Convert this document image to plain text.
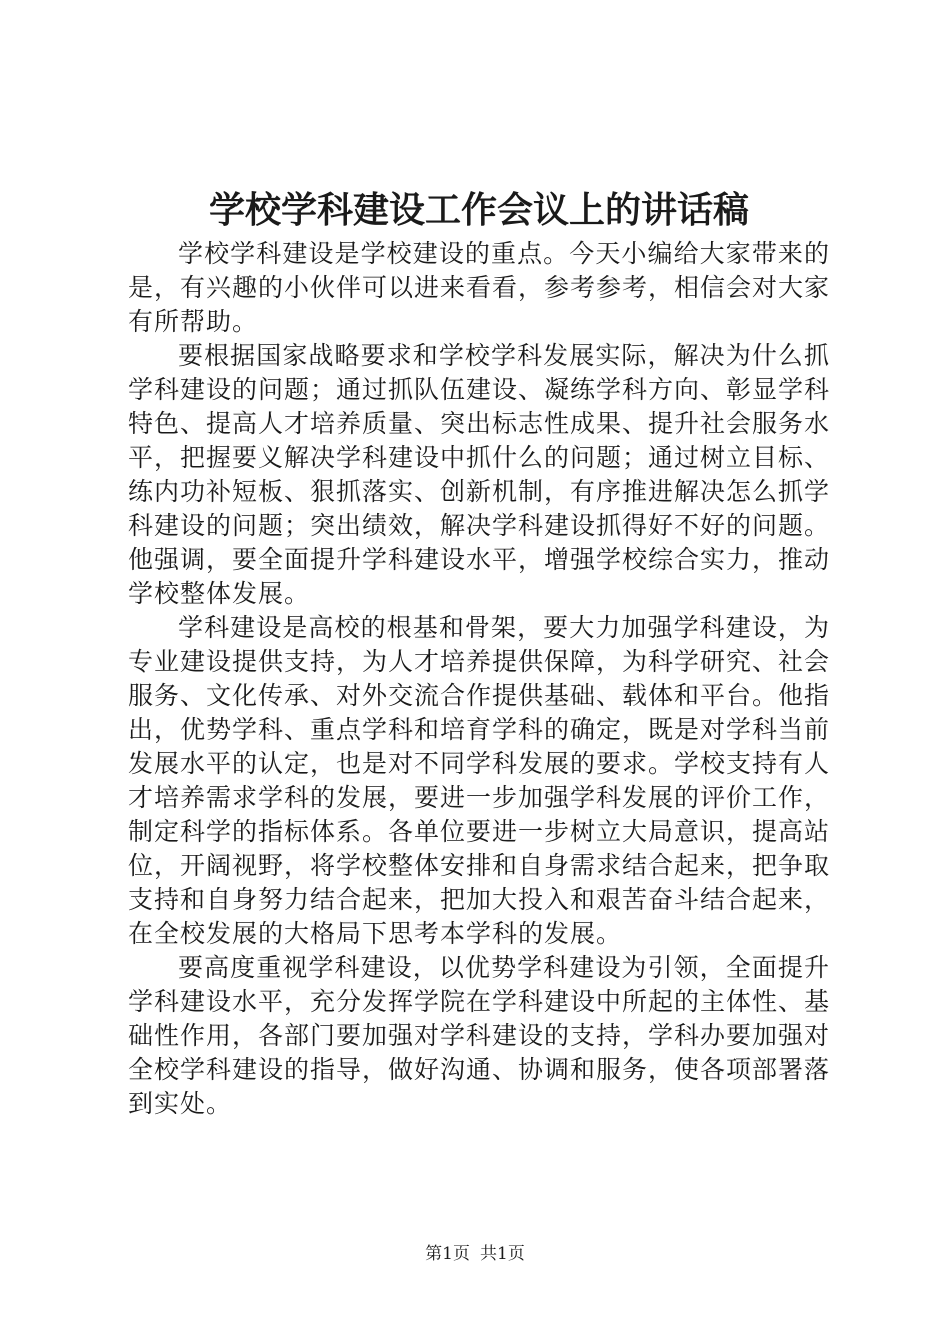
学校学科建设工作会议上的讲话稿

学校学科建设是学校建设的重点。今天小编给大家带来的是，有兴趣的小伙伴可以进来看看，参考参考，相信会对大家有所帮助。

要根据国家战略要求和学校学科发展实际，解决为什么抓学科建设的问题；通过抓队伍建设、凝练学科方向、彰显学科特色、提高人才培养质量、突出标志性成果、提升社会服务水平，把握要义解决学科建设中抓什么的问题；通过树立目标、练内功补短板、狠抓落实、创新机制，有序推进解决怎么抓学科建设的问题；突出绩效，解决学科建设抓得好不好的问题。他强调，要全面提升学科建设水平，增强学校综合实力，推动学校整体发展。

学科建设是高校的根基和骨架，要大力加强学科建设，为专业建设提供支持，为人才培养提供保障，为科学研究、社会服务、文化传承、对外交流合作提供基础、载体和平台。他指出，优势学科、重点学科和培育学科的确定，既是对学科当前发展水平的认定，也是对不同学科发展的要求。学校支持有人才培养需求学科的发展，要进一步加强学科发展的评价工作，制定科学的指标体系。各单位要进一步树立大局意识，提高站位，开阔视野，将学校整体安排和自身需求结合起来，把争取支持和自身努力结合起来，把加大投入和艰苦奋斗结合起来，在全校发展的大格局下思考本学科的发展。

要高度重视学科建设，以优势学科建设为引领，全面提升学科建设水平，充分发挥学院在学科建设中所起的主体性、基础性作用，各部门要加强对学科建设的支持，学科办要加强对全校学科建设的指导，做好沟通、协调和服务，使各项部署落到实处。

第1页 共1页
